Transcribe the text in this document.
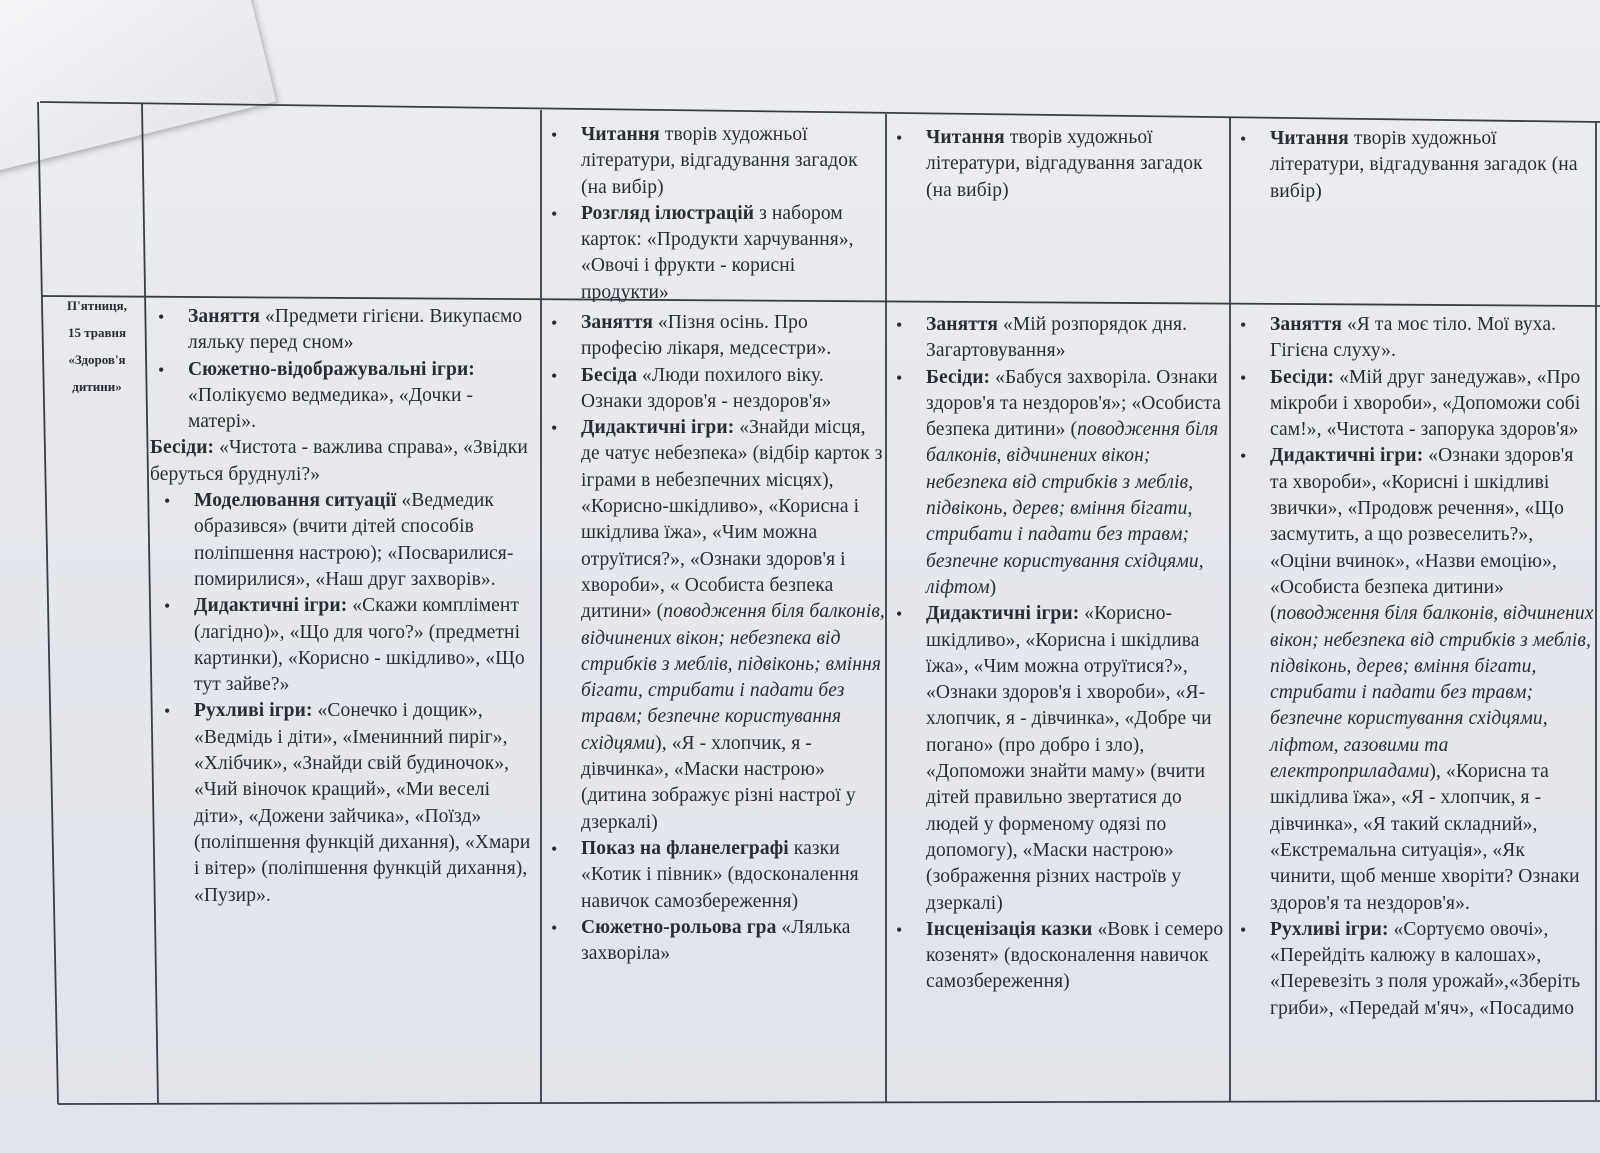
П'ятниця,
15 травня
«Здоров'я
дитини»
• Читання творів художньої літератури, відгадування загадок (на вибір)
• Розгляд ілюстрацій з набором карток: «Продукти харчування», «Овочі і фрукти - корисні продукти»
• Читання творів художньої літератури, відгадування загадок (на вибір)
• Читання творів художньої літератури, відгадування загадок (на вибір)
• Заняття «Предмети гігієни. Викупаємо ляльку перед сном»
• Сюжетно-відображувальні ігри: «Полікуємо ведмедика», «Дочки - матері».
Бесіди: «Чистота - важлива справа», «Звідки беруться бруднулі?»
• Моделювання ситуації «Ведмедик образився» (вчити дітей способів поліпшення настрою); «Посварилися-помирилися», «Наш друг захворів».
• Дидактичні ігри: «Скажи комплімент (лагідно)», «Що для чого?» (предметні картинки), «Корисно - шкідливо», «Що тут зайве?»
• Рухливі ігри: «Сонечко і дощик», «Ведмідь і діти», «Іменинний пиріг», «Хлібчик», «Знайди свій будиночок», «Чий віночок кращий», «Ми веселі діти», «Дожени зайчика», «Поїзд» (поліпшення функцій дихання), «Хмари і вітер» (поліпшення функцій дихання), «Пузир».
• Заняття «Пізня осінь. Про професію лікаря, медсестри».
• Бесіда «Люди похилого віку. Ознаки здоров'я - нездоров'я»
• Дидактичні ігри: «Знайди місця, де чатує небезпека» (відбір карток з іграми в небезпечних місцях), «Корисно-шкідливо», «Корисна і шкідлива їжа», «Чим можна отруїтися?», «Ознаки здоров'я і хвороби», « Особиста безпека дитини» (поводження біля балконів, відчинених вікон; небезпека від стрибків з меблів, підвіконь; вміння бігати, стрибати і падати без травм; безпечне користування східцями), «Я - хлопчик, я - дівчинка», «Маски настрою» (дитина зображує різні настрої у дзеркалі)
• Показ на фланелеграфі казки «Котик і півник» (вдосконалення навичок самозбереження)
• Сюжетно-рольова гра «Лялька захворіла»
• Заняття «Мій розпорядок дня. Загартовування»
• Бесіди: «Бабуся захворіла. Ознаки здоров'я та нездоров'я»; «Особиста безпека дитини» (поводження біля балконів, відчинених вікон; небезпека від стрибків з меблів, підвіконь, дерев; вміння бігати, стрибати і падати без травм; безпечне користування східцями, ліфтом)
• Дидактичні ігри: «Корисно-шкідливо», «Корисна і шкідлива їжа», «Чим можна отруїтися?», «Ознаки здоров'я і хвороби», «Я-хлопчик, я - дівчинка», «Добре чи погано» (про добро і зло), «Допоможи знайти маму» (вчити дітей правильно звертатися до людей у форменому одязі по допомогу), «Маски настрою» (зображення різних настроїв у дзеркалі)
• Інсценізація казки «Вовк і семеро козенят» (вдосконалення навичок самозбереження)
• Заняття «Я та моє тіло. Мої вуха. Гігієна слуху».
• Бесіди: «Мій друг занедужав», «Про мікроби і хвороби», «Допоможи собі сам!», «Чистота - запорука здоров'я»
• Дидактичні ігри: «Ознаки здоров'я та хвороби», «Корисні і шкідливі звички», «Продовж речення», «Що засмутить, а що розвеселить?», «Оціни вчинок», «Назви емоцію», «Особиста безпека дитини» (поводження біля балконів, відчинених вікон; небезпека від стрибків з меблів, підвіконь, дерев; вміння бігати, стрибати і падати без травм; безпечне користування східцями, ліфтом, газовими та електроприладами), «Корисна та шкідлива їжа», «Я - хлопчик, я - дівчинка», «Я такий складний», «Екстремальна ситуація», «Як чинити, щоб менше хворіти? Ознаки здоров'я та нездоров'я».
• Рухливі ігри: «Сортуємо овочі», «Перейдіть калюжу в калошах», «Перевезіть з поля урожай»,«Зберіть гриби», «Передай м'яч», «Посадимо
